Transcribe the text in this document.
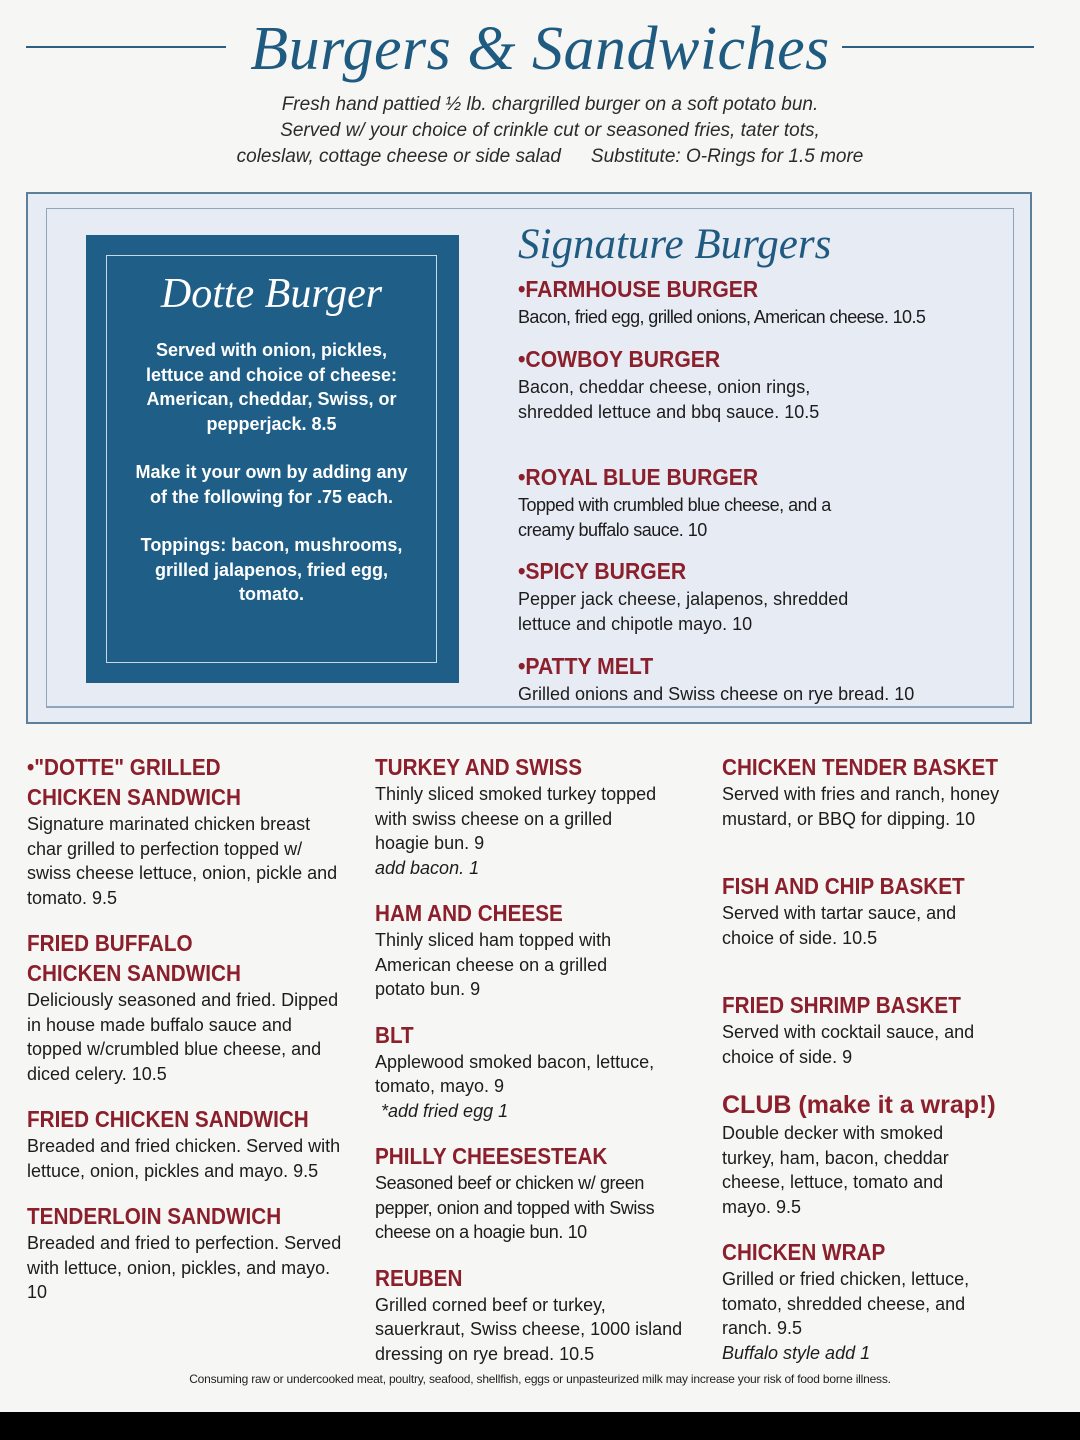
Burgers & Sandwiches
Fresh hand pattied ½ lb. chargrilled burger on a soft potato bun.
Served w/ your choice of crinkle cut or seasoned fries, tater tots,
coleslaw, cottage cheese or side salad Substitute: O-Rings for 1.5 more
Dotte Burger
Served with onion, pickles, lettuce and choice of cheese: American, cheddar, Swiss, or pepperjack. 8.5
Make it your own by adding any of the following for .75 each.
Toppings: bacon, mushrooms, grilled jalapenos, fried egg, tomato.
Signature Burgers
•FARMHOUSE BURGER
Bacon, fried egg, grilled onions, American cheese. 10.5
•COWBOY BURGER
Bacon, cheddar cheese, onion rings, shredded lettuce and bbq sauce. 10.5
•ROYAL BLUE BURGER
Topped with crumbled blue cheese, and a creamy buffalo sauce. 10
•SPICY BURGER
Pepper jack cheese, jalapenos, shredded lettuce and chipotle mayo. 10
•PATTY MELT
Grilled onions and Swiss cheese on rye bread. 10
•"DOTTE" GRILLED
CHICKEN SANDWICH
Signature marinated chicken breast char grilled to perfection topped w/ swiss cheese lettuce, onion, pickle and tomato. 9.5
FRIED BUFFALO
CHICKEN SANDWICH
Deliciously seasoned and fried. Dipped in house made buffalo sauce and topped w/crumbled blue cheese, and diced celery. 10.5
FRIED CHICKEN SANDWICH
Breaded and fried chicken. Served with lettuce, onion, pickles and mayo. 9.5
TENDERLOIN SANDWICH
Breaded and fried to perfection. Served with lettuce, onion, pickles, and mayo. 10
TURKEY AND SWISS
Thinly sliced smoked turkey topped with swiss cheese on a grilled hoagie bun. 9
add bacon. 1
HAM AND CHEESE
Thinly sliced ham topped with American cheese on a grilled potato bun. 9
BLT
Applewood smoked bacon, lettuce, tomato, mayo. 9
*add fried egg 1
PHILLY CHEESESTEAK
Seasoned beef or chicken w/ green pepper, onion and topped with Swiss cheese on a hoagie bun. 10
REUBEN
Grilled corned beef or turkey, sauerkraut, Swiss cheese, 1000 island dressing on rye bread. 10.5
CHICKEN TENDER BASKET
Served with fries and ranch, honey mustard, or BBQ for dipping. 10
FISH AND CHIP BASKET
Served with tartar sauce, and choice of side. 10.5
FRIED SHRIMP BASKET
Served with cocktail sauce, and choice of side. 9
CLUB (make it a wrap!)
Double decker with smoked turkey, ham, bacon, cheddar cheese, lettuce, tomato and mayo. 9.5
CHICKEN WRAP
Grilled or fried chicken, lettuce, tomato, shredded cheese, and ranch. 9.5
Buffalo style add 1
Consuming raw or undercooked meat, poultry, seafood, shellfish, eggs or unpasteurized milk may increase your risk of food borne illness.
